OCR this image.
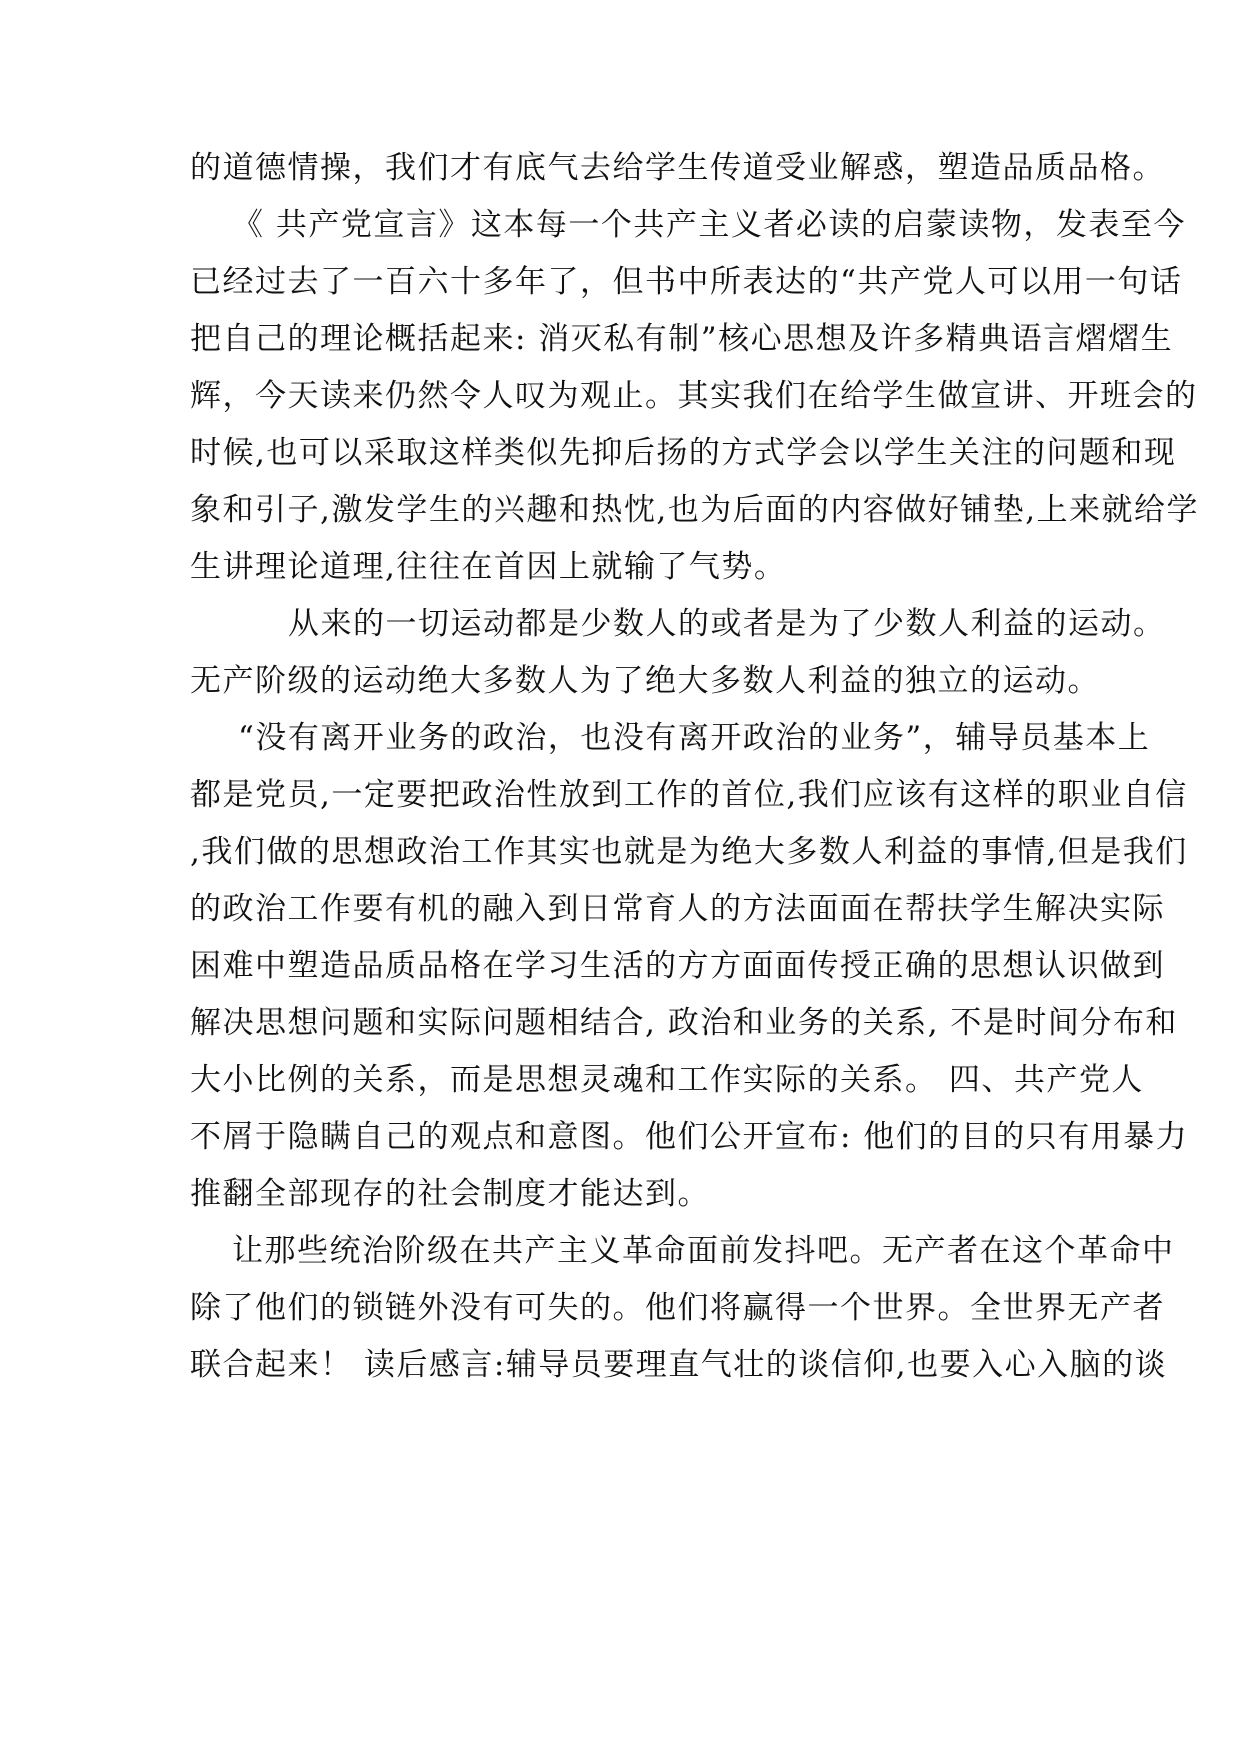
的道德情操，我们才有底气去给学生传道受业解惑，塑造品质品格。
《 共产党宣言》这本每一个共产主义者必读的启蒙读物，发表至今
已经过去了一百六十多年了，但书中所表达的“共产党人可以用一句话
把自己的理论概括起来: 消灭私有制”核心思想及许多精典语言熠熠生
辉，今天读来仍然令人叹为观止。其实我们在给学生做宣讲、开班会的
时候,也可以采取这样类似先抑后扬的方式学会以学生关注的问题和现
象和引子,激发学生的兴趣和热忱,也为后面的内容做好铺垫,上来就给学
生讲理论道理,往往在首因上就输了气势。
从来的一切运动都是少数人的或者是为了少数人利益的运动。
无产阶级的运动绝大多数人为了绝大多数人利益的独立的运动。
“没有离开业务的政治，也没有离开政治的业务”，辅导员基本上
都是党员,一定要把政治性放到工作的首位,我们应该有这样的职业自信
,我们做的思想政治工作其实也就是为绝大多数人利益的事情,但是我们
的政治工作要有机的融入到日常育人的方法面面在帮扶学生解决实际
困难中塑造品质品格在学习生活的方方面面传授正确的思想认识做到
解决思想问题和实际问题相结合, 政治和业务的关系, 不是时间分布和
大小比例的关系，而是思想灵魂和工作实际的关系。 四、共产党人
不屑于隐瞒自己的观点和意图。他们公开宣布: 他们的目的只有用暴力
推翻全部现存的社会制度才能达到。
让那些统治阶级在共产主义革命面前发抖吧。无产者在这个革命中
除了他们的锁链外没有可失的。他们将赢得一个世界。全世界无产者
联合起来！ 读后感言:辅导员要理直气壮的谈信仰,也要入心入脑的谈
